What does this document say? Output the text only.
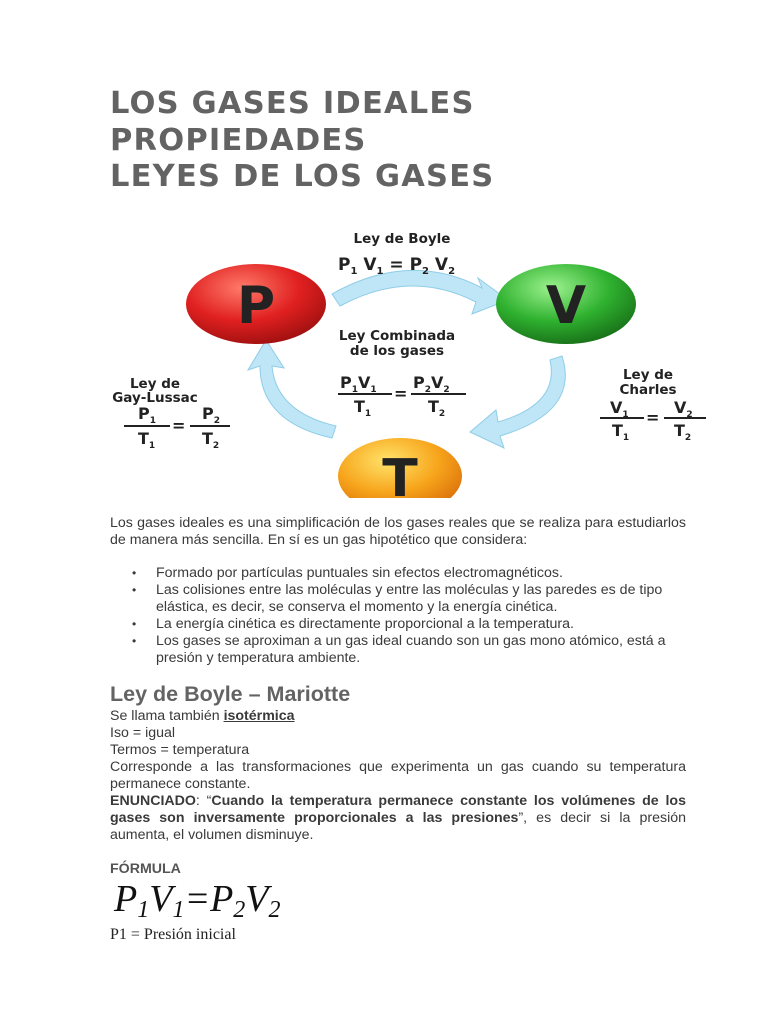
LOS GASES IDEALES
PROPIEDADES
LEYES DE LOS GASES
P	V
T
Ley de Boyle
$P_1$ $V_1 = P_2$ $V_2$
Ley Combinada
de los gases
$P_1V_1$
$T_1$
=
$P_2V_2$
$T_2$
Ley de
Gay-Lussac
$P_1$
$T_1$
=
$P_2$
$T_2$
Ley de
Charles
$V_1$
$T_1$
=
$V_2$
$T_2$

Los gases ideales es una simplificación de los gases reales que se realiza para estudiarlos de manera más sencilla. En sí es un gas hipotético que considera:

• Formado por partículas puntuales sin efectos electromagnéticos.
• Las colisiones entre las moléculas y entre las moléculas y las paredes es de tipo elástica, es decir, se conserva el momento y la energía cinética.
• La energía cinética es directamente proporcional a la temperatura.
• Los gases se aproximan a un gas ideal cuando son un gas mono atómico, está a presión y temperatura ambiente.
Ley de Boyle – Mariotte

Se llama también isotérmica

Iso = igual

Termos = temperatura

Corresponde a las transformaciones que experimenta un gas cuando su temperatura permanece constante.

ENUNCIADO: “Cuando la temperatura permanece constante los volúmenes de los gases son inversamente proporcionales a las presiones”, es decir si la presión aumenta, el volumen disminuye.

FÓRMULA

$P_1V_1=P_2V_2$

P1 = Presión inicial
